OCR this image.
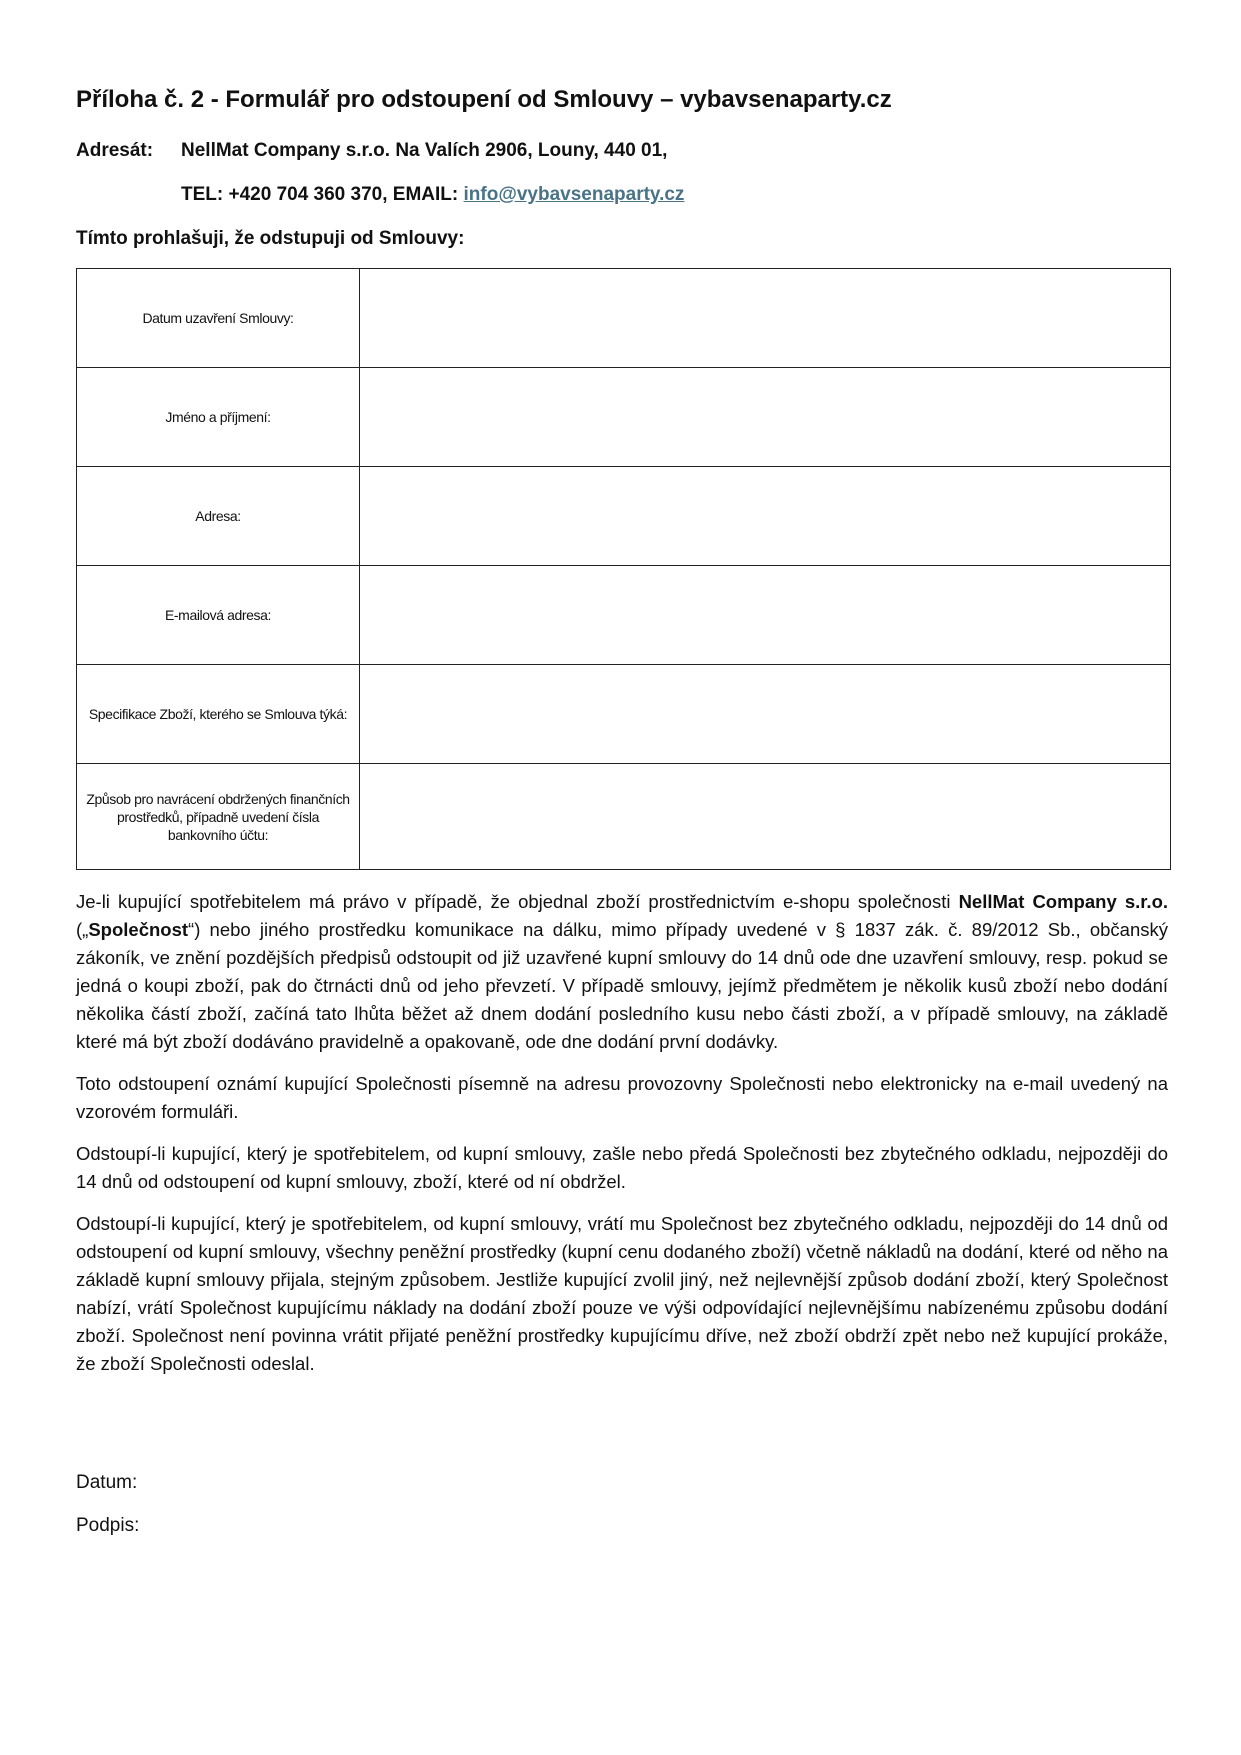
Příloha č. 2 - Formulář pro odstoupení od Smlouvy – vybavsenaparty.cz
Adresát: NellMat Company s.r.o. Na Valích 2906, Louny, 440 01,
TEL: +420 704 360 370, EMAIL: info@vybavsenaparty.cz
Tímto prohlašuji, že odstupuji od Smlouvy:
Datum uzavření Smlouvy:	
Jméno a příjmení:	
Adresa:	
E-mailová adresa:	
Specifikace Zboží, kterého se Smlouva týká:	
Způsob pro navrácení obdržených finančních prostředků, případně uvedení čísla bankovního účtu:	

Je-li kupující spotřebitelem má právo v případě, že objednal zboží prostřednictvím e-shopu společnosti NellMat Company s.r.o. („Společnost“) nebo jiného prostředku komunikace na dálku, mimo případy uvedené v § 1837 zák. č. 89/2012 Sb., občanský zákoník, ve znění pozdějších předpisů odstoupit od již uzavřené kupní smlouvy do 14 dnů ode dne uzavření smlouvy, resp. pokud se jedná o koupi zboží, pak do čtrnácti dnů od jeho převzetí. V případě smlouvy, jejímž předmětem je několik kusů zboží nebo dodání několika částí zboží, začíná tato lhůta běžet až dnem dodání posledního kusu nebo části zboží, a v případě smlouvy, na základě které má být zboží dodáváno pravidelně a opakovaně, ode dne dodání první dodávky.

Toto odstoupení oznámí kupující Společnosti písemně na adresu provozovny Společnosti nebo elektronicky na e-mail uvedený na vzorovém formuláři.

Odstoupí-li kupující, který je spotřebitelem, od kupní smlouvy, zašle nebo předá Společnosti bez zbytečného odkladu, nejpozději do 14 dnů od odstoupení od kupní smlouvy, zboží, které od ní obdržel.

Odstoupí-li kupující, který je spotřebitelem, od kupní smlouvy, vrátí mu Společnost bez zbytečného odkladu, nejpozději do 14 dnů od odstoupení od kupní smlouvy, všechny peněžní prostředky (kupní cenu dodaného zboží) včetně nákladů na dodání, které od něho na základě kupní smlouvy přijala, stejným způsobem. Jestliže kupující zvolil jiný, než nejlevnější způsob dodání zboží, který Společnost nabízí, vrátí Společnost kupujícímu náklady na dodání zboží pouze ve výši odpovídající nejlevnějšímu nabízenému způsobu dodání zboží. Společnost není povinna vrátit přijaté peněžní prostředky kupujícímu dříve, než zboží obdrží zpět nebo než kupující prokáže, že zboží Společnosti odeslal.

Datum:
Podpis:
